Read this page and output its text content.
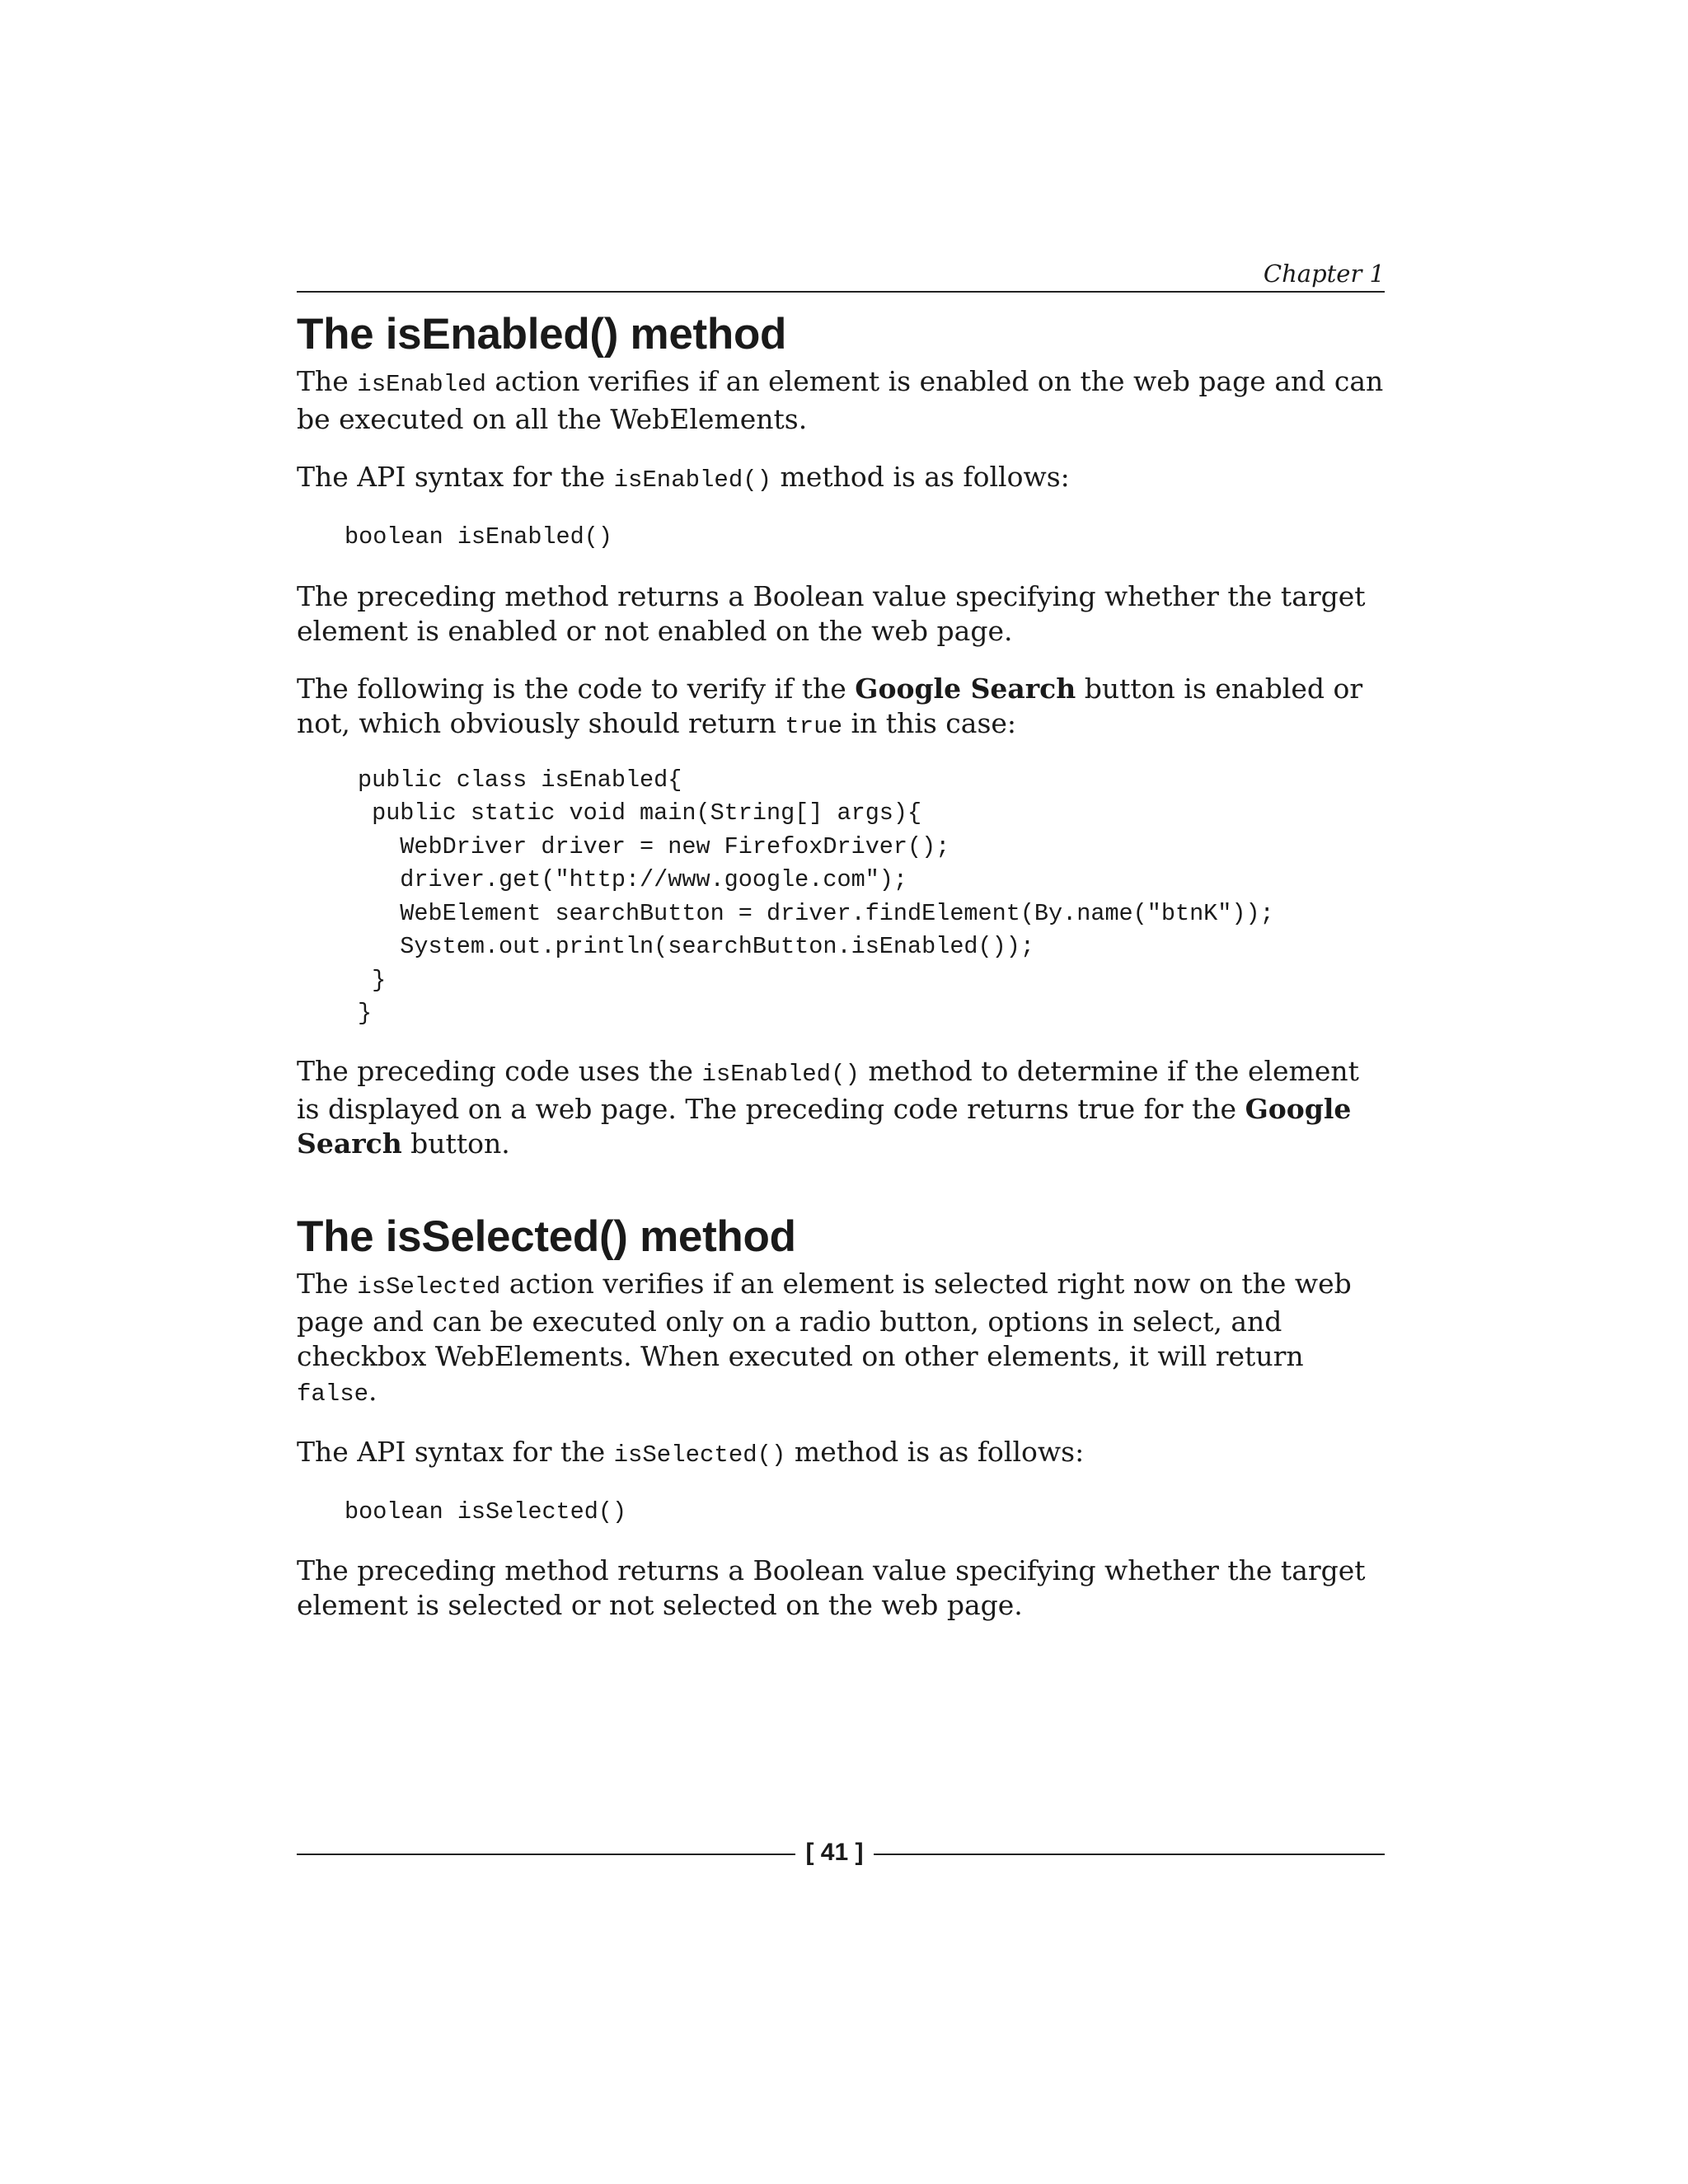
Chapter 1
The isEnabled() method

The isEnabled action verifies if an element is enabled on the web page and can be executed on all the WebElements.

The API syntax for the isEnabled() method is as follows:

boolean isEnabled()

The preceding method returns a Boolean value specifying whether the target element is enabled or not enabled on the web page.

The following is the code to verify if the Google Search button is enabled or not, which obviously should return true in this case:

public class isEnabled{
public static void main(String[] args){
WebDriver driver = new FirefoxDriver();
driver.get("http://www.google.com");
WebElement searchButton = driver.findElement(By.name("btnK"));
System.out.println(searchButton.isEnabled());
}
}

The preceding code uses the isEnabled() method to determine if the element is displayed on a web page. The preceding code returns true for the Google Search button.

The isSelected() method

The isSelected action verifies if an element is selected right now on the web page and can be executed only on a radio button, options in select, and checkbox WebElements. When executed on other elements, it will return false.

The API syntax for the isSelected() method is as follows:

boolean isSelected()

The preceding method returns a Boolean value specifying whether the target element is selected or not selected on the web page.

[ 41 ]
